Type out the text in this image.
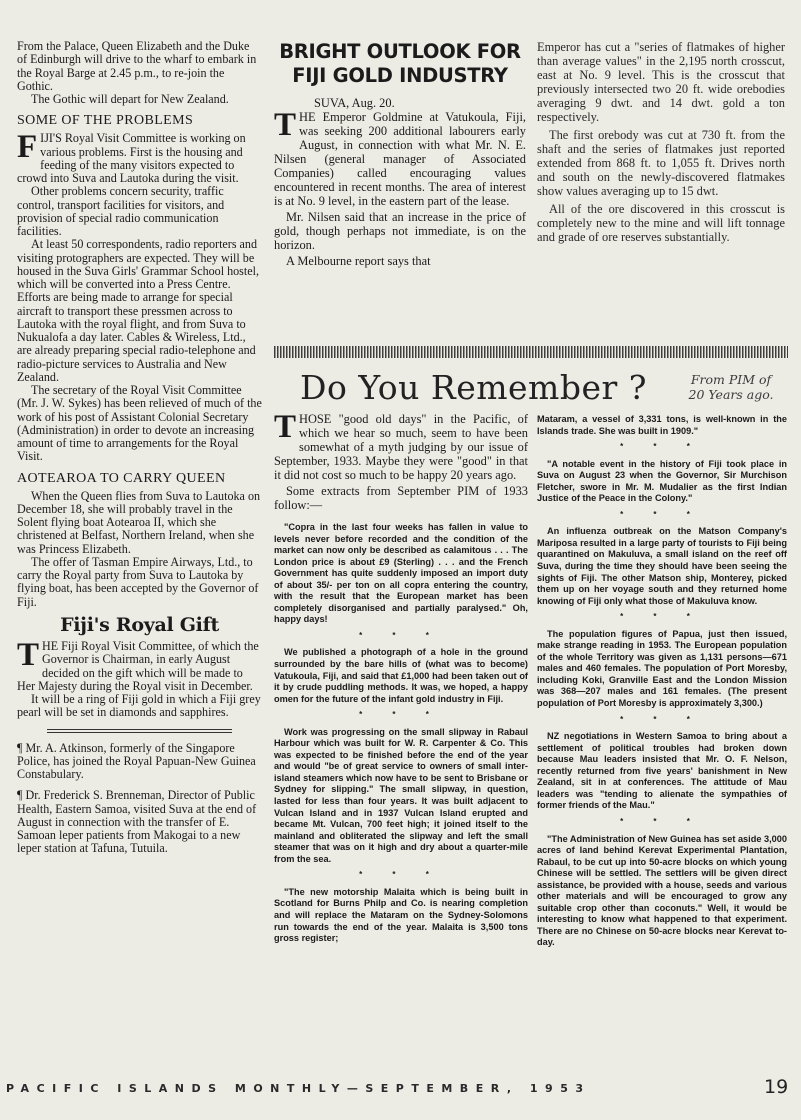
From the Palace, Queen Elizabeth and the Duke of Edinburgh will drive to the wharf to embark in the Royal Barge at 2.45 p.m., to re-join the Gothic.

The Gothic will depart for New Zealand.

SOME OF THE PROBLEMS

FIJI'S Royal Visit Committee is working on various problems. First is the housing and feeding of the many visitors expected to crowd into Suva and Lautoka during the visit.

Other problems concern security, traffic control, transport facilities for visitors, and provision of special radio communication facilities.

At least 50 correspondents, radio reporters and visiting protographers are expected. They will be housed in the Suva Girls' Grammar School hostel, which will be converted into a Press Centre. Efforts are being made to arrange for special aircraft to transport these pressmen across to Lautoka with the royal flight, and from Suva to Nukualofa a day later. Cables & Wireless, Ltd., are already preparing special radio-telephone and radio-picture services to Australia and New Zealand.

The secretary of the Royal Visit Committee (Mr. J. W. Sykes) has been relieved of much of the work of his post of Assistant Colonial Secretary (Administration) in order to devote an increasing amount of time to arrangements for the Royal Visit.

AOTEAROA TO CARRY QUEEN

When the Queen flies from Suva to Lautoka on December 18, she will probably travel in the Solent flying boat Aotearoa II, which she christened at Belfast, Northern Ireland, when she was Princess Elizabeth.

The offer of Tasman Empire Airways, Ltd., to carry the Royal party from Suva to Lautoka by flying boat, has been accepted by the Governor of Fiji.

Fiji's Royal Gift

THE Fiji Royal Visit Committee, of which the Governor is Chairman, in early August decided on the gift which will be made to Her Majesty during the Royal visit in December.

It will be a ring of Fiji gold in which a Fiji grey pearl will be set in diamonds and sapphires.

¶ Mr. A. Atkinson, formerly of the Singapore Police, has joined the Royal Papuan-New Guinea Constabulary.

¶ Dr. Frederick S. Brenneman, Director of Public Health, Eastern Samoa, visited Suva at the end of August in connection with the transfer of E. Samoan leper patients from Makogai to a new leper station at Tafuna, Tutuila.

BRIGHT OUTLOOK FOR FIJI GOLD INDUSTRY

SUVA, Aug. 20.

THE Emperor Goldmine at Vatukoula, Fiji, was seeking 200 additional labourers early August, in connection with what Mr. N. E. Nilsen (general manager of Associated Companies) called encouraging values encountered in recent months. The area of interest is at No. 9 level, in the eastern part of the lease.

Mr. Nilsen said that an increase in the price of gold, though perhaps not immediate, is on the horizon.

A Melbourne report says that

Emperor has cut a "series of flatmakes of higher than average values" in the 2,195 north crosscut, east at No. 9 level. This is the crosscut that previously intersected two 20 ft. wide orebodies averaging 9 dwt. and 14 dwt. gold a ton respectively.

The first orebody was cut at 730 ft. from the shaft and the series of flatmakes just reported extended from 868 ft. to 1,055 ft. Drives north and south on the newly-discovered flatmakes show values averaging up to 15 dwt.

All of the ore discovered in this crosscut is completely new to the mine and will lift tonnage and grade of ore reserves substantially.

Do You Remember ?	From PIM of
20 Years ago.

THOSE "good old days" in the Pacific, of which we hear so much, seem to have been somewhat of a myth judging by our issue of September, 1933. Maybe they were "good" in that it did not cost so much to be happy 20 years ago.

Some extracts from September PIM of 1933 follow:—

"Copra in the last four weeks has fallen in value to levels never before recorded and the condition of the market can now only be described as calamitous . . . The London price is about £9 (Sterling) . . . and the French Government has quite suddenly imposed an import duty of about 35/- per ton on all copra entering the country, with the result that the European market has been completely disorganised and partially paralysed." Oh, happy days!

* * *

We published a photograph of a hole in the ground surrounded by the bare hills of (what was to become) Vatukoula, Fiji, and said that £1,000 had been taken out of it by crude puddling methods. It was, we hoped, a happy omen for the future of the infant gold industry in Fiji.

* * *

Work was progressing on the small slipway in Rabaul Harbour which was built for W. R. Carpenter & Co. This was expected to be finished before the end of the year and would "be of great service to owners of small inter-island steamers which now have to be sent to Brisbane or Sydney for slipping." The small slipway, in question, lasted for less than four years. It was built adjacent to Vulcan Island and in 1937 Vulcan Island erupted and became Mt. Vulcan, 700 feet high; it joined itself to the mainland and obliterated the slipway and left the small steamer that was on it high and dry about a quarter-mile from the sea.

* * *

"The new motorship Malaita which is being built in Scotland for Burns Philp and Co. is nearing completion and will replace the Mataram on the Sydney-Solomons run towards the end of the year. Malaita is 3,500 tons gross register;

Mataram, a vessel of 3,331 tons, is well-known in the Islands trade. She was built in 1909."

* * *

"A notable event in the history of Fiji took place in Suva on August 23 when the Governor, Sir Murchison Fletcher, swore in Mr. M. Mudalier as the first Indian Justice of the Peace in the Colony."

* * *

An influenza outbreak on the Matson Company's Mariposa resulted in a large party of tourists to Fiji being quarantined on Makuluva, a small island on the reef off Suva, during the time they should have been seeing the sights of Fiji. The other Matson ship, Monterey, picked them up on her voyage south and they returned home knowing of Fiji only what those of Makuluva know.

* * *

The population figures of Papua, just then issued, make strange reading in 1953. The European population of the whole Territory was given as 1,131 persons—671 males and 460 females. The population of Port Moresby, including Koki, Granville East and the London Mission was 368—207 males and 161 females. (The present population of Port Moresby is approximately 3,300.)

* * *

NZ negotiations in Western Samoa to bring about a settlement of political troubles had broken down because Mau leaders insisted that Mr. O. F. Nelson, recently returned from five years' banishment in New Zealand, sit in at conferences. The attitude of Mau leaders was "tending to alienate the sympathies of former friends of the Mau."

* * *

"The Administration of New Guinea has set aside 3,000 acres of land behind Kerevat Experimental Plantation, Rabaul, to be cut up into 50-acre blocks on which young Chinese will be settled. The settlers will be given direct assistance, be provided with a house, seeds and various other materials and will be encouraged to grow any suitable crop other than coconuts." Well, it would be interesting to know what happened to that experiment. There are no Chinese on 50-acre blocks near Kerevat to-day.

PACIFIC ISLANDS MONTHLY—SEPTEMBER, 1953	19
